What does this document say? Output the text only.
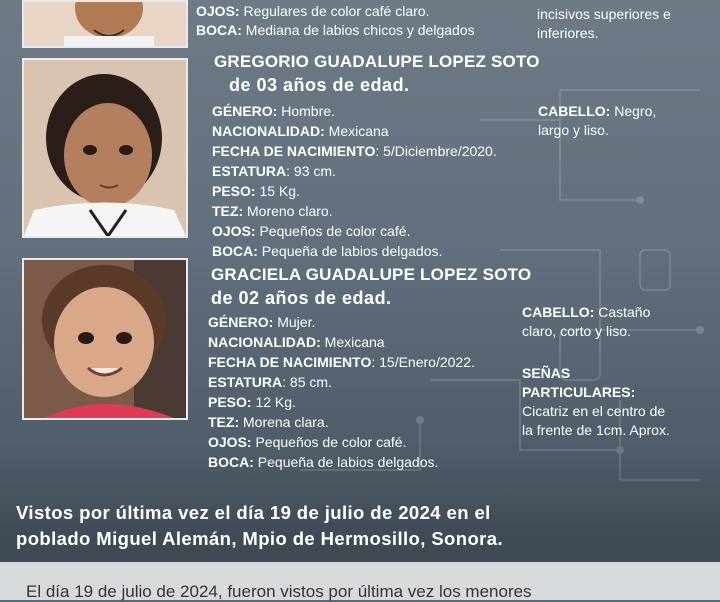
OJOS: Regulares de color café claro.
BOCA: Mediana de labios chicos y delgados
incisivos superiores e
inferiores.
GREGORIO GUADALUPE LOPEZ SOTO
de 03 años de edad.
GÉNERO: Hombre.
NACIONALIDAD: Mexicana
FECHA DE NACIMIENTO: 5/Diciembre/2020.
ESTATURA: 93 cm.
PESO: 15 Kg.
TEZ: Moreno claro.
OJOS: Pequeños de color café.
BOCA: Pequeña de labios delgados.
CABELLO: Negro,
largo y liso.
GRACIELA GUADALUPE LOPEZ SOTO
de 02 años de edad.
GÉNERO: Mujer.
NACIONALIDAD: Mexicana
FECHA DE NACIMIENTO: 15/Enero/2022.
ESTATURA: 85 cm.
PESO: 12 Kg.
TEZ: Morena clara.
OJOS: Pequeños de color café.
BOCA: Pequeña de labios delgados.
CABELLO: Castaño
claro, corto y liso.
SEÑAS
PARTICULARES:
Cicatriz en el centro de
la frente de 1cm. Aprox.
Vistos por última vez el día 19 de julio de 2024 en el
poblado Miguel Alemán, Mpio de Hermosillo, Sonora.
El día 19 de julio de 2024, fueron vistos por última vez los menores
